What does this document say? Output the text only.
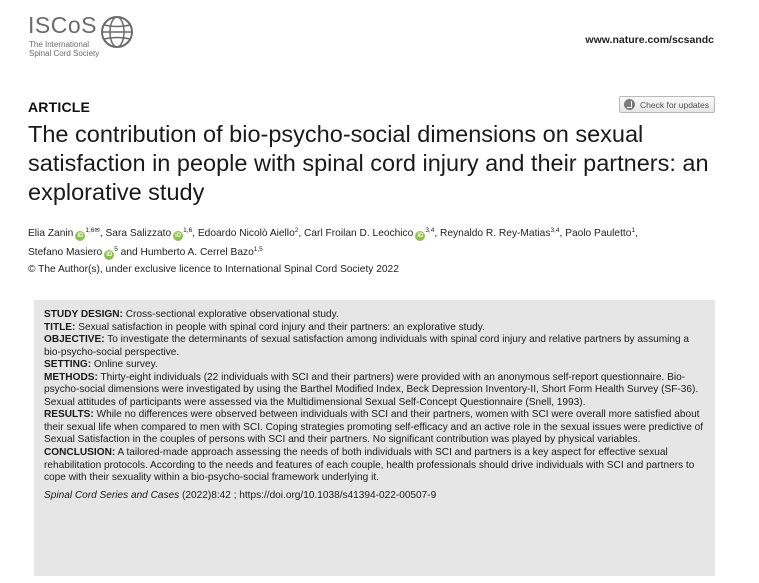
ISCoS
The International
Spinal Cord Society
www.nature.com/scsandc
ARTICLE	Check for updates
The contribution of bio-psycho-social dimensions on sexual satisfaction in people with spinal cord injury and their partners: an explorative study
Elia Zanin $iD^{1,6✉}$, Sara Salizzato iD$^{1,6}$, Edoardo Nicolò Aiello$^2$, Carl Froilan D. Leochico iD$^{3,4}$, Reynaldo R. Rey-Matias$^{3,4}$, Paolo Pauletto$^1$,
Stefano Masiero $iD^5$ and Humberto A. Cerrel Bazo$^{1,5}$
© The Author(s), under exclusive licence to International Spinal Cord Society 2022

STUDY DESIGN: Cross-sectional explorative observational study.

TITLE: Sexual satisfaction in people with spinal cord injury and their partners: an explorative study.

OBJECTIVE: To investigate the determinants of sexual satisfaction among individuals with spinal cord injury and relative partners by assuming a bio-psycho-social perspective.

SETTING: Online survey.

METHODS: Thirty-eight individuals (22 individuals with SCI and their partners) were provided with an anonymous self-report questionnaire. Bio-psycho-social dimensions were investigated by using the Barthel Modified Index, Beck Depression Inventory-II, Short Form Health Survey (SF-36). Sexual attitudes of participants were assessed via the Multidimensional Sexual Self-Concept Questionnaire (Snell, 1993).

RESULTS: While no differences were observed between individuals with SCI and their partners, women with SCI were overall more satisfied about their sexual life when compared to men with SCI. Coping strategies promoting self-efficacy and an active role in the sexual issues were predictive of Sexual Satisfaction in the couples of persons with SCI and their partners. No significant contribution was played by physical variables.

CONCLUSION: A tailored-made approach assessing the needs of both individuals with SCI and partners is a key aspect for effective sexual rehabilitation protocols. According to the needs and features of each couple, health professionals should drive individuals with SCI and partners to cope with their sexuality within a bio-psycho-social framework underlying it.

Spinal Cord Series and Cases (2022)8:42 ; https://doi.org/10.1038/s41394-022-00507-9
